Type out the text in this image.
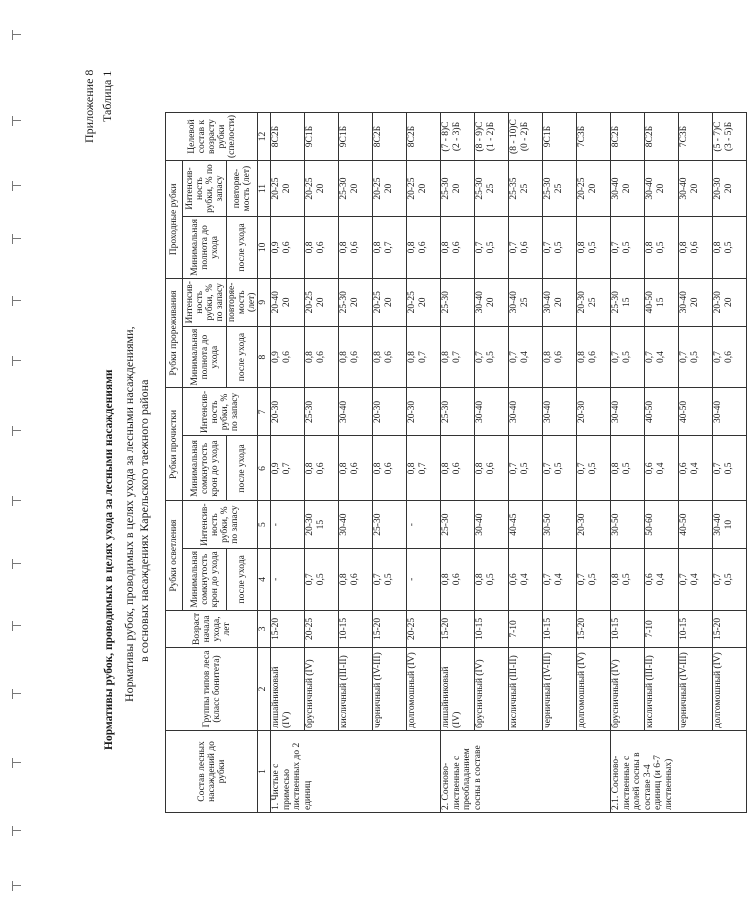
Приложение 8 Таблица 1
Нормативы рубок, проводимых в целях ухода за лесными насаждениями Нормативы рубок, проводимых в целях ухода за лесными насаждениями, в сосновых насаждениях Карельского таежного района
Состав лесных насаждений до рубки	Группы типов леса (класс бонитета)	Возраст начала ухода, лет	Рубки осветления		Рубки прочистки		Рубки прореживания		Проходные рубки		Целевой состав к возрасту рубки (спелости)
			Минимальная сомкнутость крон до ухода	Интенсив-ность рубки, % по запасу	Минимальная сомкнутость крон до ухода	Интенсив-ность рубки, % по запасу	Минимальная полнота до ухода	Интенсив-ность рубки, % по запасу	Минимальная полнота до ухода	Интенсив-ность рубки, % по запасу	
			после ухода		после ухода		после ухода	повторяе-мость (лет)	после ухода	повторяе-мость (лет)	
1	2	3	4	5	6	7	8	9	10	11	12
1. Чистые с примесью лиственных до 2 единиц	лишайниковый (IV)	15-20	-	-	0,9 0,7	20-30	0,9 0,6	20-40 20	0,9 0,6	20-25 20	8С2Б
	брусничный (IV)	20-25	0,7 0,5	20-30 15	0,8 0,6	25-30	0,8 0,6	20-25 20	0,8 0,6	20-25 20	9С1Б
	кисличный (III-II)	10-15	0,8 0,6	30-40	0,8 0,6	30-40	0,8 0,6	25-30 20	0,8 0,6	25-30 20	9С1Б
	черничный (IV-III)	15-20	0,7 0,5	25-30	0,8 0,6	20-30	0,8 0,6	20-25 20	0,8 0,7	20-25 20	8С2Б
	долгомошный (IV)	20-25	-	-	0,8 0,7	20-30	0,8 0,7	20-25 20	0,8 0,6	20-25 20	8С2Б
2. Сосново-лиственные с преобладанием сосны в составе	лишайниковый (IV)	15-20	0,8 0,6	25-30	0,8 0,6	25-30	0,8 0,7	25-30	0,8 0,6	25-30 20	(7 - 8)С (2 - 3)Б

	брусничный (IV)	10-15	0,8 0,5	30-40	0,8 0,6	30-40	0,7 0,5	30-40 20	0,7 0,5	25-30 25	(8 - 9)С (1 - 2)Б

	кисличный (III-II)	7-10	0,6 0,4	40-45	0,7 0,5	30-40	0,7 0,4	30-40 25	0,7 0,6	25-35 25	(8 - 10)С (0 - 2)Б

	черничный (IV-III)	10-15	0,7 0,4	30-50	0,7 0,5	30-40	0,8 0,6	30-40 20	0,7 0,5	25-30 25	9С1Б
	долгомошный (IV)	15-20	0,7 0,5	20-30	0,7 0,5	20-30	0,8 0,6	20-30 25	0,8 0,5	20-25 20	7С3Б
2.1. Сосново-лиственные с долей сосны в составе 3-4 единиц (и 6-7 лиственных)	брусничный (IV)	10-15	0,8 0,5	30-50	0,8 0,5	30-40	0,7 0,5	25-30 15	0,7 0,5	30-40 20	8С2Б
	кисличный (III-II)	7-10	0,6 0,4	50-60	0,6 0,4	40-50	0,7 0,4	40-50 15	0,8 0,5	30-40 20	8С2Б
	черничный (IV-III)	10-15	0,7 0,4	40-50	0,6 0,4	40-50	0,7 0,5	30-40 20	0,8 0,6	30-40 20	7С3Б
	долгомошный (IV)	15-20	0,7 0,5	30-40 10	0,7 0,5	30-40	0,7 0,6	20-30 20	0,8 0,5	20-30 20	(5 - 7)С (3 - 5)Б
